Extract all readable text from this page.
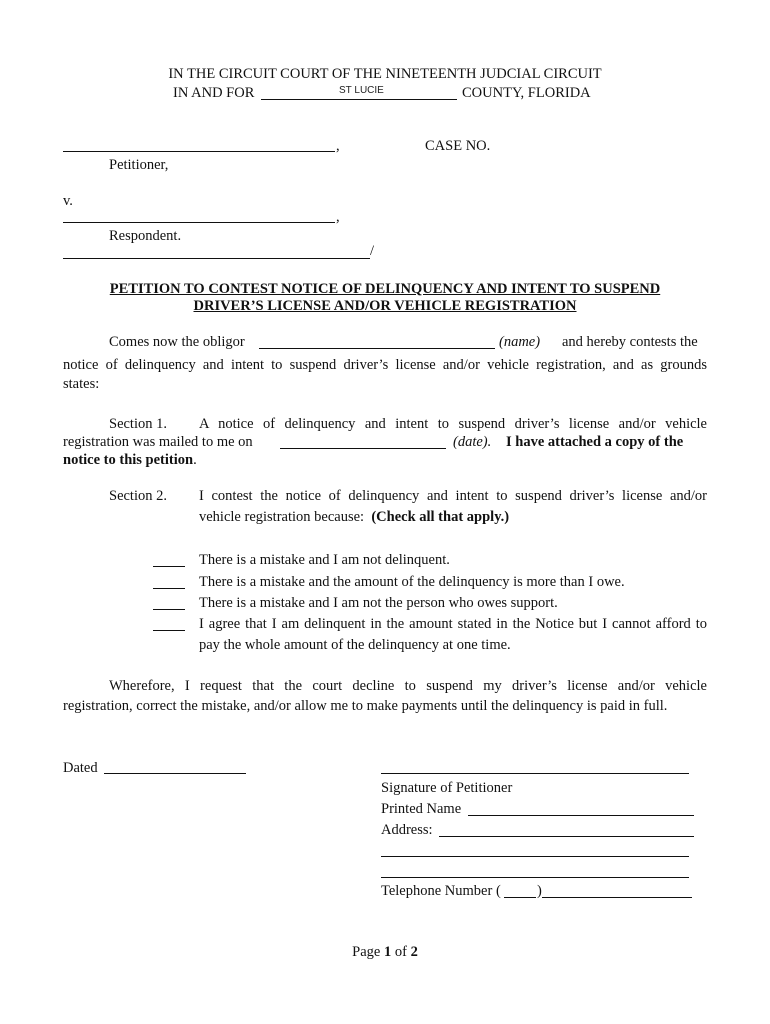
IN THE CIRCUIT COURT OF THE NINETEENTH JUDCIAL CIRCUIT
IN AND FOR	ST LUCIE	COUNTY, FLORIDA
,	CASE NO.
Petitioner,
v.
,
Respondent.
/
PETITION TO CONTEST NOTICE OF DELINQUENCY AND INTENT TO SUSPEND
DRIVER’S LICENSE AND/OR VEHICLE REGISTRATION
Comes now the obligor	(name) and hereby contests the
notice of delinquency and intent to suspend driver’s license and/or vehicle registration, and as grounds
states:
Section 1. A notice of delinquency and intent to suspend driver’s license and/or vehicle
registration was mailed to me on	(date). I have attached a copy of the
notice to this petition.
Section 2. I contest the notice of delinquency and intent to suspend driver’s license and/or
vehicle registration because: (Check all that apply.)
There is a mistake and I am not delinquent.
There is a mistake and the amount of the delinquency is more than I owe.
There is a mistake and I am not the person who owes support.
I agree that I am delinquent in the amount stated in the Notice but I cannot afford to
pay the whole amount of the delinquency at one time.
Wherefore, I request that the court decline to suspend my driver’s license and/or vehicle
registration, correct the mistake, and/or allow me to make payments until the delinquency is paid in full.
Dated
Signature of Petitioner
Printed Name
Address:
Telephone Number ( )
Page 1 of 2
